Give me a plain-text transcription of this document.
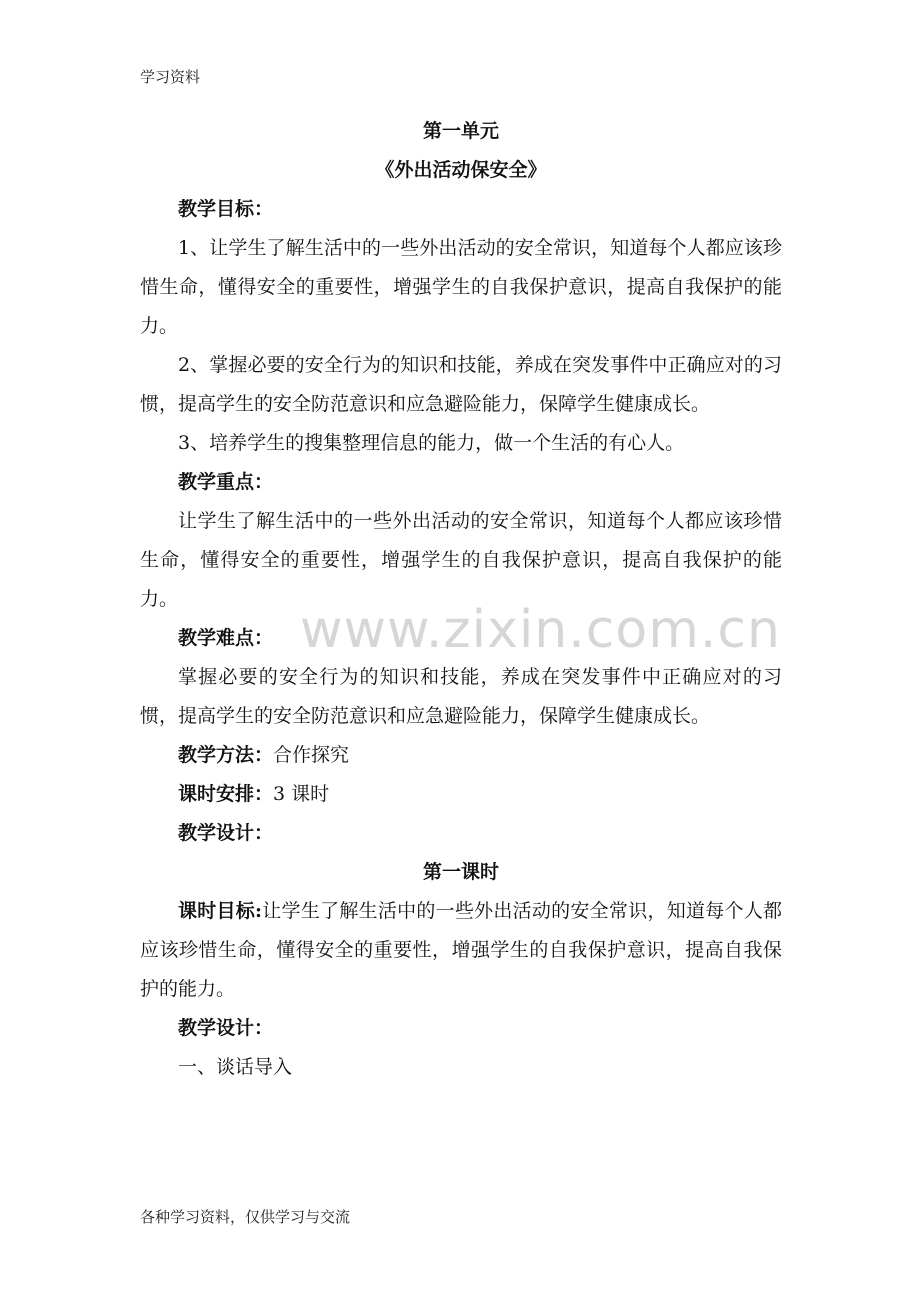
学习资料
www.zixin.com.cn

第一单元

《外出活动保安全》

教学目标：

1、让学生了解生活中的一些外出活动的安全常识，知道每个人都应该珍惜生命，懂得安全的重要性，增强学生的自我保护意识，提高自我保护的能力。

2、掌握必要的安全行为的知识和技能，养成在突发事件中正确应对的习惯，提高学生的安全防范意识和应急避险能力，保障学生健康成长。

3、培养学生的搜集整理信息的能力，做一个生活的有心人。

教学重点：

让学生了解生活中的一些外出活动的安全常识，知道每个人都应该珍惜生命，懂得安全的重要性，增强学生的自我保护意识，提高自我保护的能力。

教学难点：

掌握必要的安全行为的知识和技能，养成在突发事件中正确应对的习惯，提高学生的安全防范意识和应急避险能力，保障学生健康成长。

教学方法：合作探究

课时安排：3 课时

教学设计：

第一课时

课时目标:让学生了解生活中的一些外出活动的安全常识，知道每个人都应该珍惜生命，懂得安全的重要性，增强学生的自我保护意识，提高自我保护的能力。

教学设计：

一、谈话导入

各种学习资料，仅供学习与交流
